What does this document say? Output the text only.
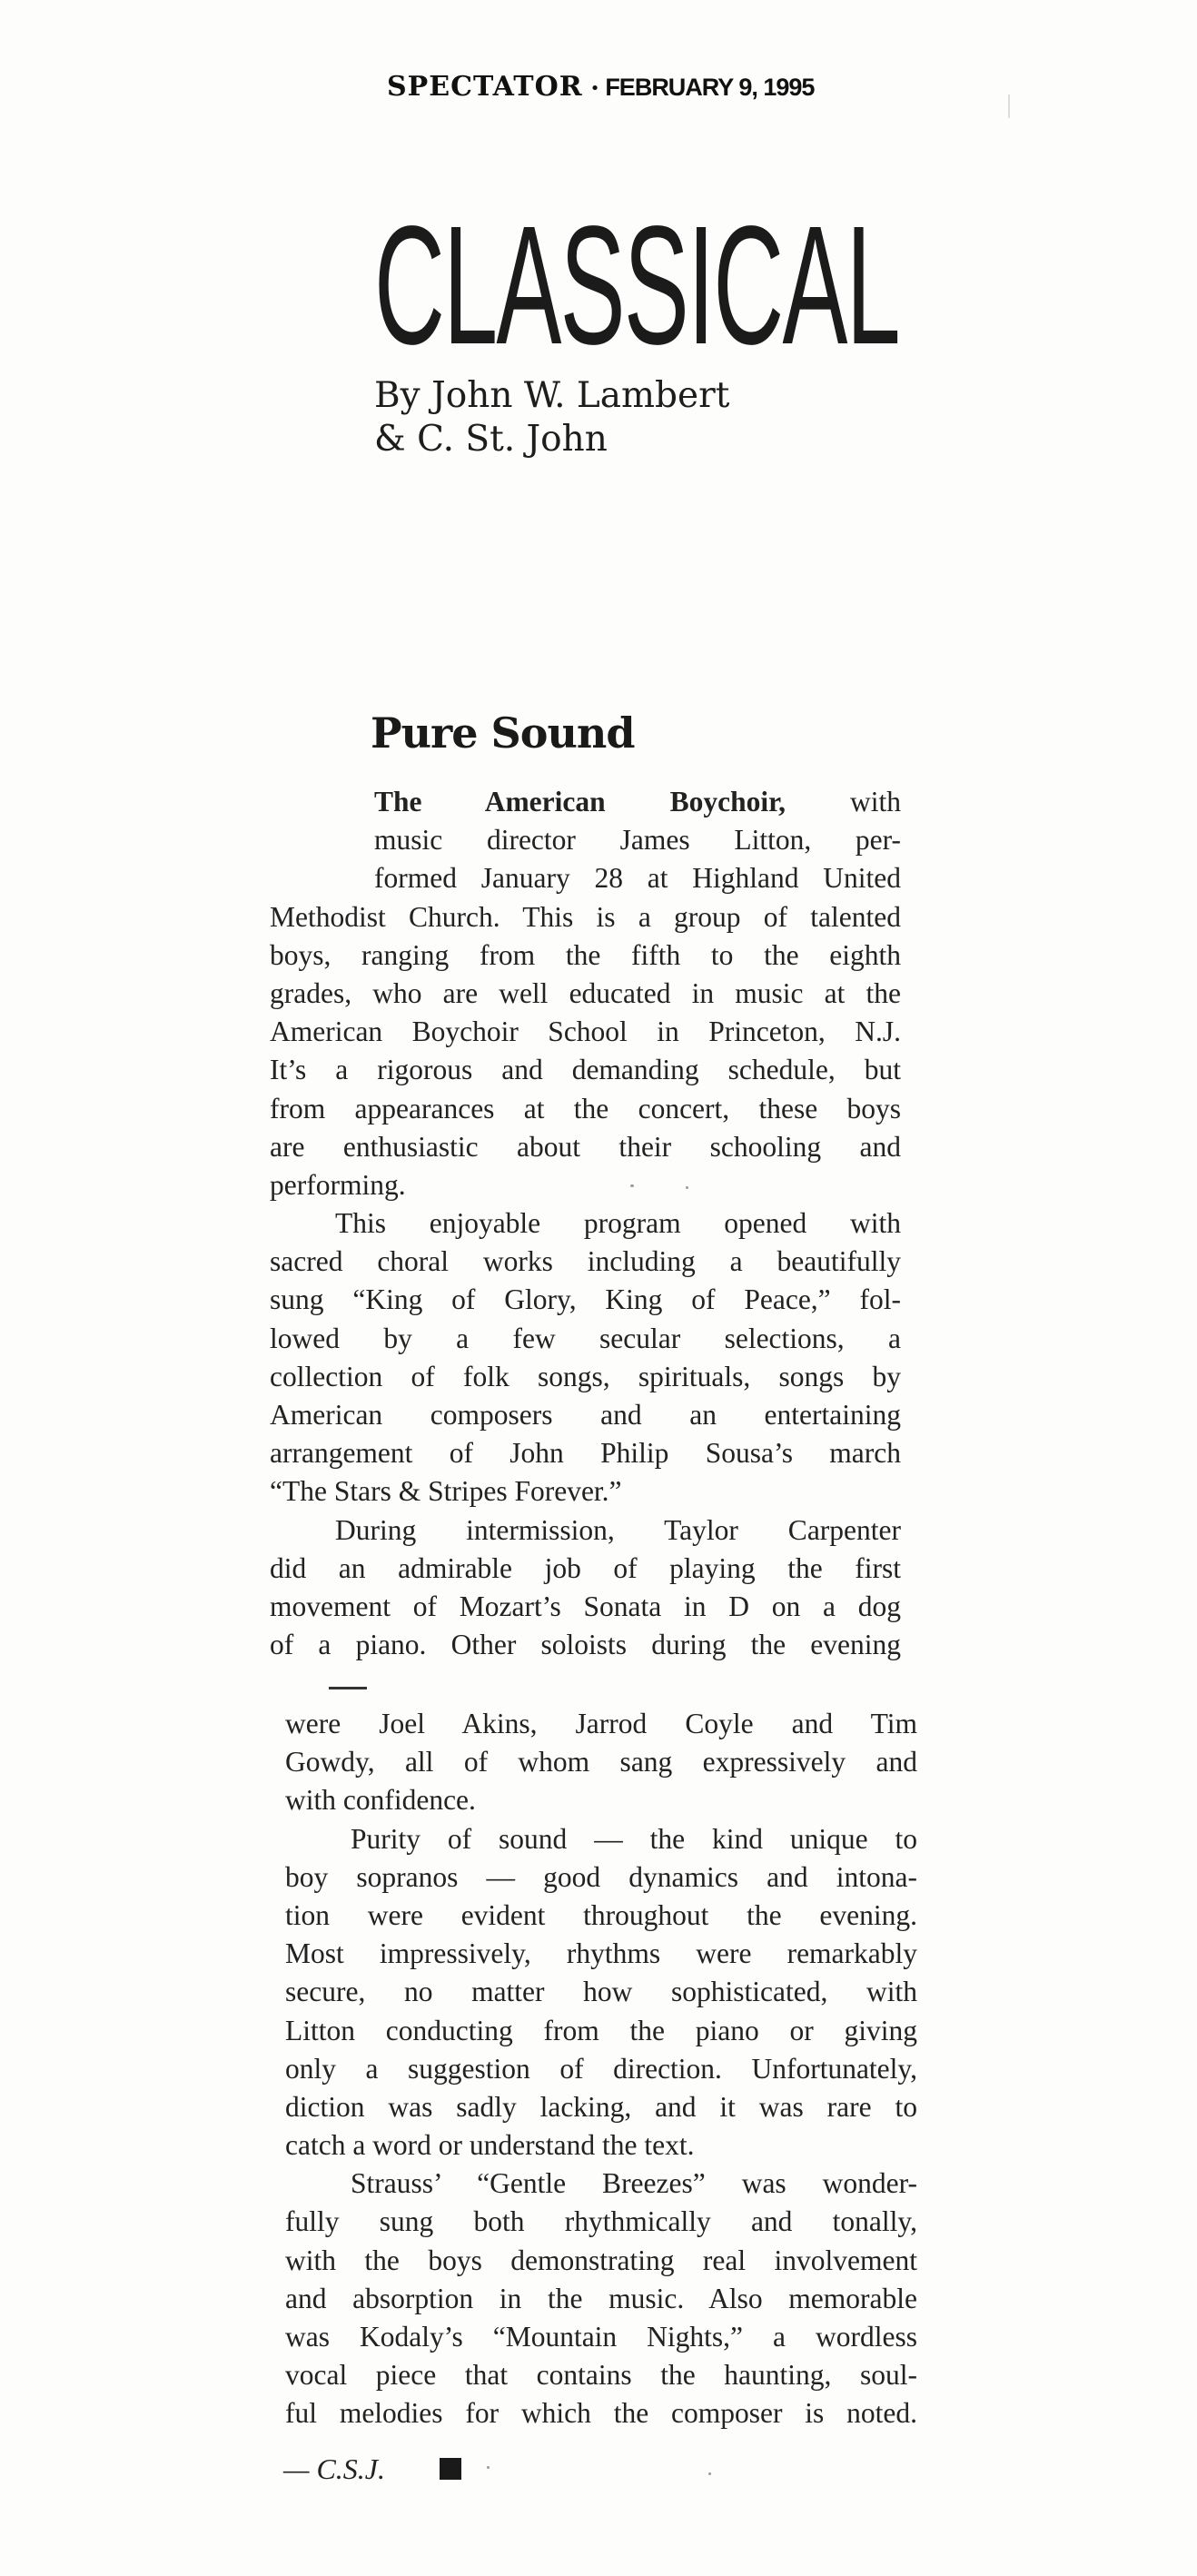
SPECTATOR • FEBRUARY 9, 1995
CLASSICAL
By John W. Lambert
& C. St. John
Pure Sound
The American Boychoir, with
music director James Litton, per-
formed January 28 at Highland United
Methodist Church. This is a group of talented
boys, ranging from the fifth to the eighth
grades, who are well educated in music at the
American Boychoir School in Princeton, N.J.
It’s a rigorous and demanding schedule, but
from appearances at the concert, these boys
are enthusiastic about their schooling and
performing.
This enjoyable program opened with
sacred choral works including a beautifully
sung “King of Glory, King of Peace,” fol-
lowed by a few secular selections, a
collection of folk songs, spirituals, songs by
American composers and an entertaining
arrangement of John Philip Sousa’s march
“The Stars & Stripes Forever.”
During intermission, Taylor Carpenter
did an admirable job of playing the first
movement of Mozart’s Sonata in D on a dog
of a piano. Other soloists during the evening
were Joel Akins, Jarrod Coyle and Tim
Gowdy, all of whom sang expressively and
with confidence.
Purity of sound — the kind unique to
boy sopranos — good dynamics and intona-
tion were evident throughout the evening.
Most impressively, rhythms were remarkably
secure, no matter how sophisticated, with
Litton conducting from the piano or giving
only a suggestion of direction. Unfortunately,
diction was sadly lacking, and it was rare to
catch a word or understand the text.
Strauss’ “Gentle Breezes” was wonder-
fully sung both rhythmically and tonally,
with the boys demonstrating real involvement
and absorption in the music. Also memorable
was Kodaly’s “Mountain Nights,” a wordless
vocal piece that contains the haunting, soul-
ful melodies for which the composer is noted.
— C.S.J.
